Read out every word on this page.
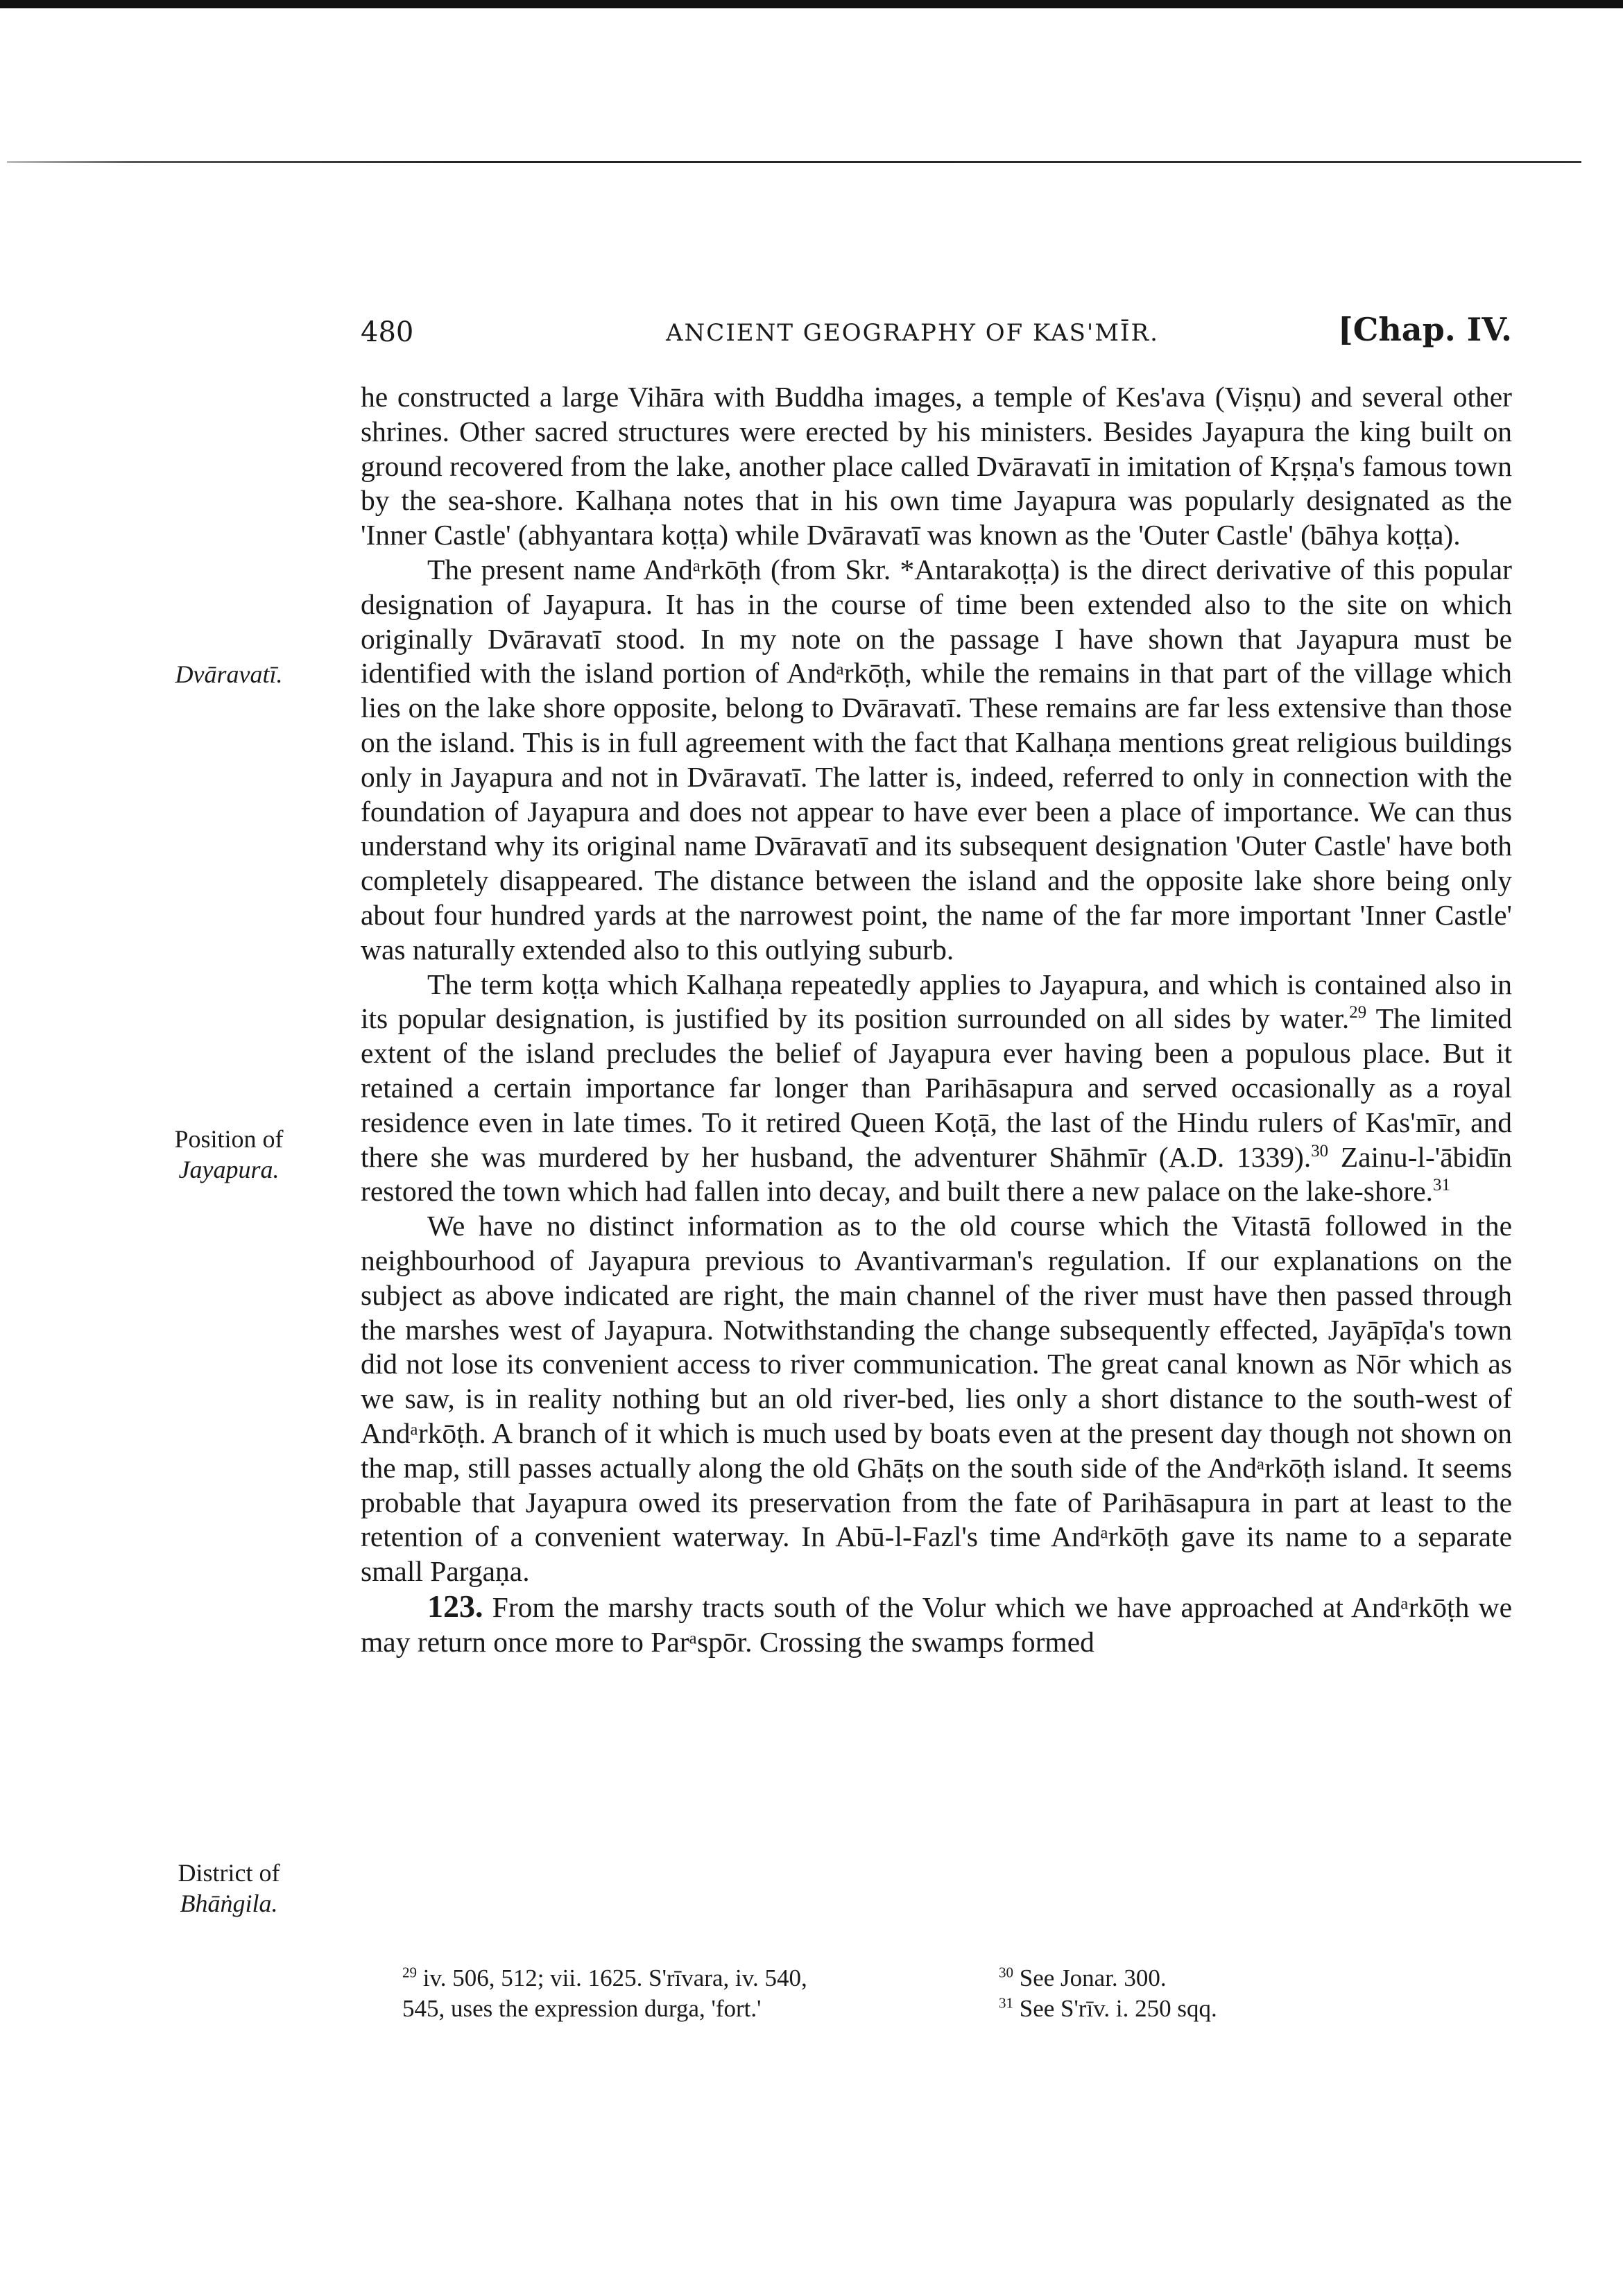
480	ANCIENT GEOGRAPHY OF KAS'MĪR.	[Chap. IV.
Dvāravatī.
Position of
Jayapura.
District of
Bhāṅgila.

he constructed a large Vihāra with Buddha images, a temple of Kes'ava (Viṣṇu) and several other shrines. Other sacred structures were erected by his ministers. Besides Jayapura the king built on ground recovered from the lake, another place called Dvāravatī in imitation of Kṛṣṇa's famous town by the sea-shore. Kalhaṇa notes that in his own time Jayapura was popularly designated as the 'Inner Castle' (abhyantara koṭṭa) while Dvāravatī was known as the 'Outer Castle' (bāhya koṭṭa).

The present name Andᵃrkōṭh (from Skr. *Antarakoṭṭa) is the direct derivative of this popular designation of Jayapura. It has in the course of time been extended also to the site on which originally Dvāravatī stood. In my note on the passage I have shown that Jayapura must be identified with the island portion of Andᵃrkōṭh, while the remains in that part of the village which lies on the lake shore opposite, belong to Dvāravatī. These remains are far less extensive than those on the island. This is in full agreement with the fact that Kalhaṇa mentions great religious buildings only in Jayapura and not in Dvāravatī. The latter is, indeed, referred to only in connection with the foundation of Jayapura and does not appear to have ever been a place of importance. We can thus understand why its original name Dvāravatī and its subsequent designation 'Outer Castle' have both completely disappeared. The distance between the island and the opposite lake shore being only about four hundred yards at the narrowest point, the name of the far more important 'Inner Castle' was naturally extended also to this outlying suburb.

The term koṭṭa which Kalhaṇa repeatedly applies to Jayapura, and which is contained also in its popular designation, is justified by its position surrounded on all sides by water.$^{29}$ The limited extent of the island precludes the belief of Jayapura ever having been a populous place. But it retained a certain importance far longer than Parihāsapura and served occasionally as a royal residence even in late times. To it retired Queen Koṭā, the last of the Hindu rulers of Kas'mīr, and there she was murdered by her husband, the adventurer Shāhmīr (A.D. 1339).$^{30}$ Zainu-l-'ābidīn restored the town which had fallen into decay, and built there a new palace on the lake-shore.$^{31}$

We have no distinct information as to the old course which the Vitastā followed in the neighbourhood of Jayapura previous to Avantivarman's regulation. If our explanations on the subject as above indicated are right, the main channel of the river must have then passed through the marshes west of Jayapura. Notwithstanding the change subsequently effected, Jayāpīḍa's town did not lose its convenient access to river communication. The great canal known as Nōr which as we saw, is in reality nothing but an old river-bed, lies only a short distance to the south-west of Andᵃrkōṭh. A branch of it which is much used by boats even at the present day though not shown on the map, still passes actually along the old Ghāṭs on the south side of the Andᵃrkōṭh island. It seems probable that Jayapura owed its preservation from the fate of Parihāsapura in part at least to the retention of a convenient waterway. In Abū-l-Fazl's time Andᵃrkōṭh gave its name to a separate small Pargaṇa.

123. From the marshy tracts south of the Volur which we have approached at Andᵃrkōṭh we may return once more to Parᵃspōr. Crossing the swamps formed

$^{29}$ iv. 506, 512; vii. 1625. S'rīvara, iv. 540,
545, uses the expression durga, 'fort.'
$^{30}$ See Jonar. 300.
$^{31}$ See S'rīv. i. 250 sqq.
